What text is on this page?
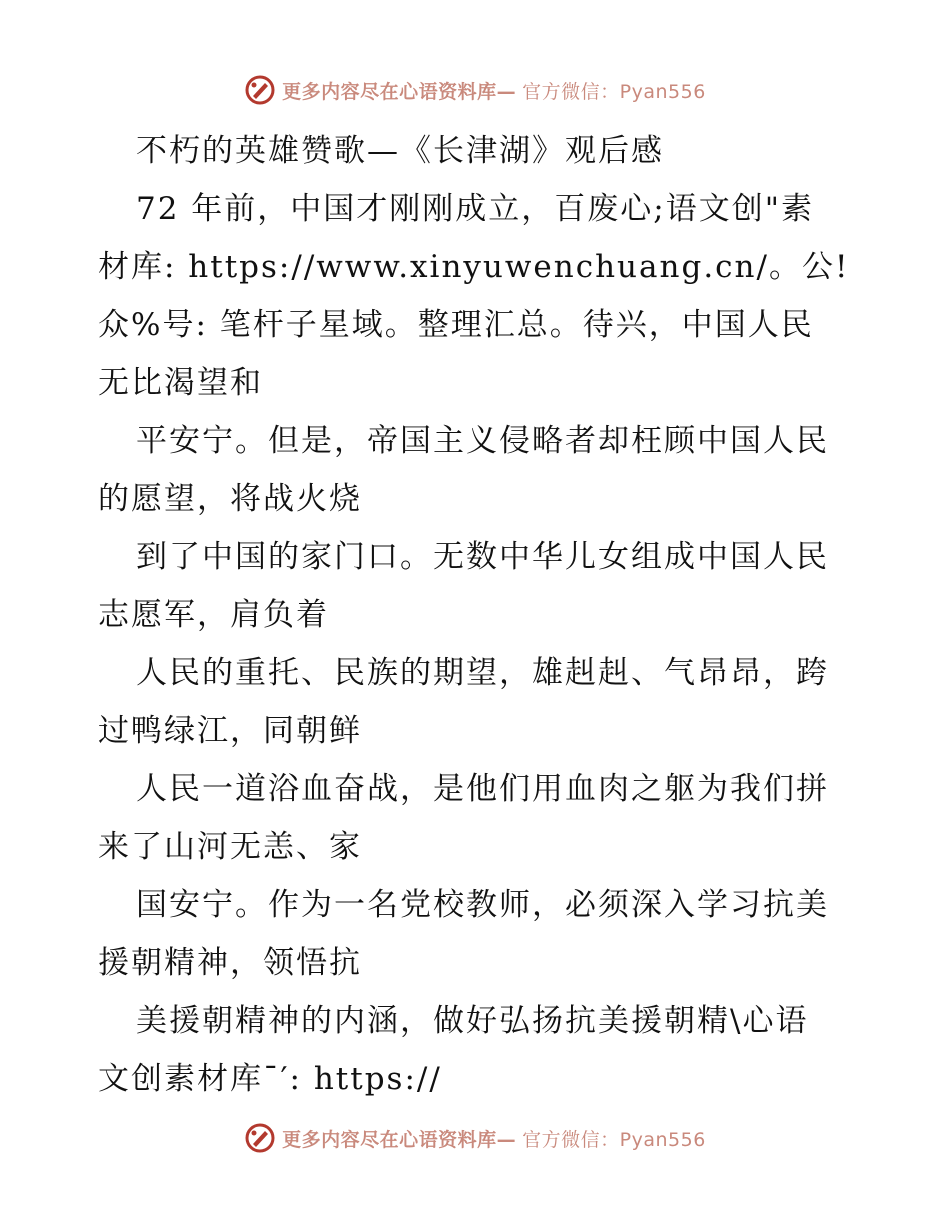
更多内容尽在心语资料库— 官方微信：Pyan556
不朽的英雄赞歌—《长津湖》观后感
72 年前，中国才刚刚成立，百废心;语文创"素
材库: https://www.xinyuwenchuang.cn/。公!
众%号: 笔杆子星域。整理汇总。待兴，中国人民
无比渴望和
平安宁。但是，帝国主义侵略者却枉顾中国人民
的愿望，将战火烧
到了中国的家门口。无数中华儿女组成中国人民
志愿军，肩负着
人民的重托、民族的期望，雄赳赳、气昂昂，跨
过鸭绿江，同朝鲜
人民一道浴血奋战，是他们用血肉之躯为我们拼
来了山河无恙、家
国安宁。作为一名党校教师，必须深入学习抗美
援朝精神，领悟抗
美援朝精神的内涵，做好弘扬抗美援朝精\心语
文创素材库¯′: https://
更多内容尽在心语资料库— 官方微信：Pyan556
